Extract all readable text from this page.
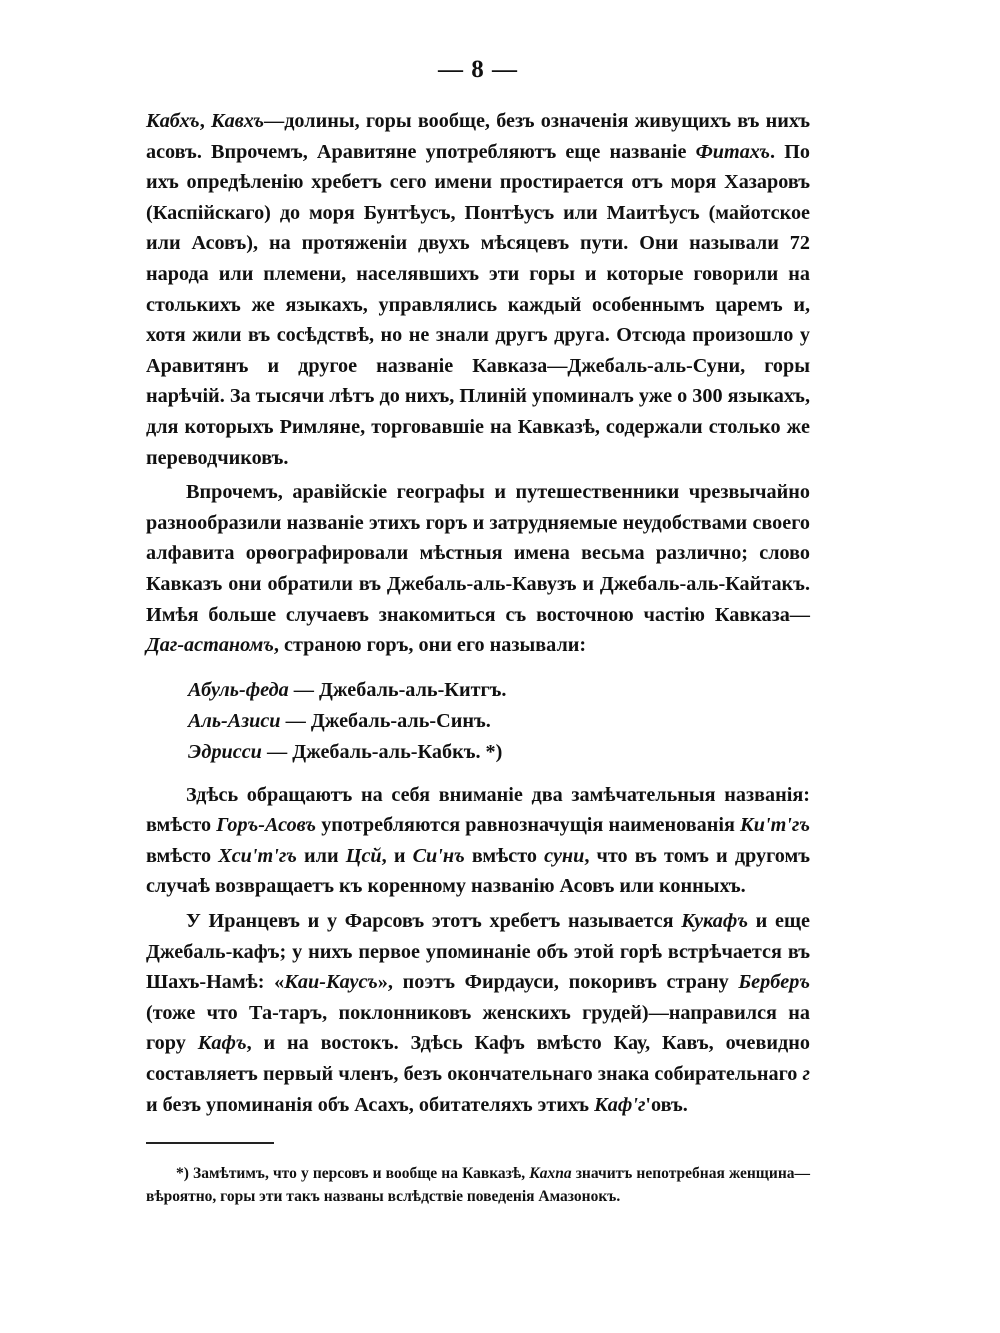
— 8 —

Кабхъ, Кавхъ—долины, горы вообще, безъ означенія живущихъ въ нихъ асовъ. Впрочемъ, Аравитяне употребляютъ еще названіе Фитахъ. По ихъ опредѣленію хребетъ сего имени простирается отъ моря Хазаровъ (Каспійскаго) до моря Бунтѣусъ, Понтѣусъ или Маитѣусъ (майотское или Асовъ), на протяженіи двухъ мѣсяцевъ пути. Они называли 72 народа или племени, населявшихъ эти горы и которые говорили на столькихъ же языкахъ, управлялись каждый особеннымъ царемъ и, хотя жили въ сосѣдствѣ, но не знали другъ друга. Отсюда произошло у Аравитянъ и другое названіе Кавказа—Джебаль-аль-Суни, горы нарѣчій. За тысячи лѣтъ до нихъ, Плиній упоминалъ уже о 300 языкахъ, для которыхъ Римляне, торговавшіе на Кавказѣ, содержали столько же переводчиковъ.

Впрочемъ, аравійскіе географы и путешественники чрезвычайно разнообразили названіе этихъ горъ и затрудняемые неудобствами своего алфавита орѳографировали мѣстныя имена весьма различно; слово Кавказъ они обратили въ Джебаль-аль-Кавузъ и Джебаль-аль-Кайтакъ. Имѣя больше случаевъ знакомиться съ восточною частію Кавказа—Даг-астаномъ, страною горъ, они его называли:

Абуль-феда — Джебаль-аль-Китгъ.
Аль-Азиси — Джебаль-аль-Синъ.
Эдрисси — Джебаль-аль-Кабкъ. *)

Здѣсь обращаютъ на себя вниманіе два замѣчательныя названія: вмѣсто Горъ-Асовъ употребляются равнозначущія наименованія Ки'т'гъ вмѣсто Хси'т'гъ или Цсй, и Си'нъ вмѣсто суни, что въ томъ и другомъ случаѣ возвращаетъ къ коренному названію Асовъ или конныхъ.

У Иранцевъ и у Фарсовъ этотъ хребетъ называется Кукафъ и еще Джебаль-кафъ; у нихъ первое упоминаніе объ этой горѣ встрѣчается въ Шахъ-Намѣ: «Каи-Каусъ», поэтъ Фирдауси, покоривъ страну Берберъ (тоже что Та-таръ, поклонниковъ женскихъ грудей)—направился на гору Кафъ, и на востокъ. Здѣсь Кафъ вмѣсто Кау, Кавъ, очевидно составляетъ первый членъ, безъ окончательнаго знака собирательнаго г и безъ упоминанія объ Асахъ, обитателяхъ этихъ Каф'г'овъ.

*) Замѣтимъ, что у персовъ и вообще на Кавказѣ, Кахпа значитъ непотребная женщина—вѣроятно, горы эти такъ названы вслѣдствіе поведенія Амазонокъ.
